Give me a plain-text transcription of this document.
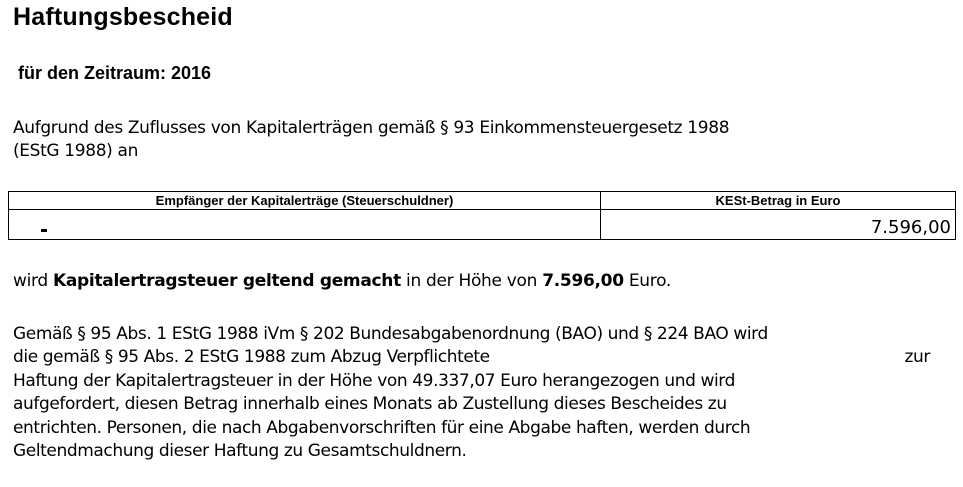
Haftungsbescheid
für den Zeitraum: 2016
Aufgrund des Zuflusses von Kapitalerträgen gemäß § 93 Einkommensteuergesetz 1988
(EStG 1988) an
Empfänger der Kapitalerträge (Steuerschuldner)	KESt-Betrag in Euro
	7.596,00
wird Kapitalertragsteuer geltend gemacht in der Höhe von 7.596,00 Euro.
Gemäß § 95 Abs. 1 EStG 1988 iVm § 202 Bundesabgabenordnung (BAO) und § 224 BAO wird
die gemäß § 95 Abs. 2 EStG 1988 zum Abzug Verpflichtete	zur
Haftung der Kapitalertragsteuer in der Höhe von 49.337,07 Euro herangezogen und wird
aufgefordert, diesen Betrag innerhalb eines Monats ab Zustellung dieses Bescheides zu
entrichten. Personen, die nach Abgabenvorschriften für eine Abgabe haften, werden durch
Geltendmachung dieser Haftung zu Gesamtschuldnern.
